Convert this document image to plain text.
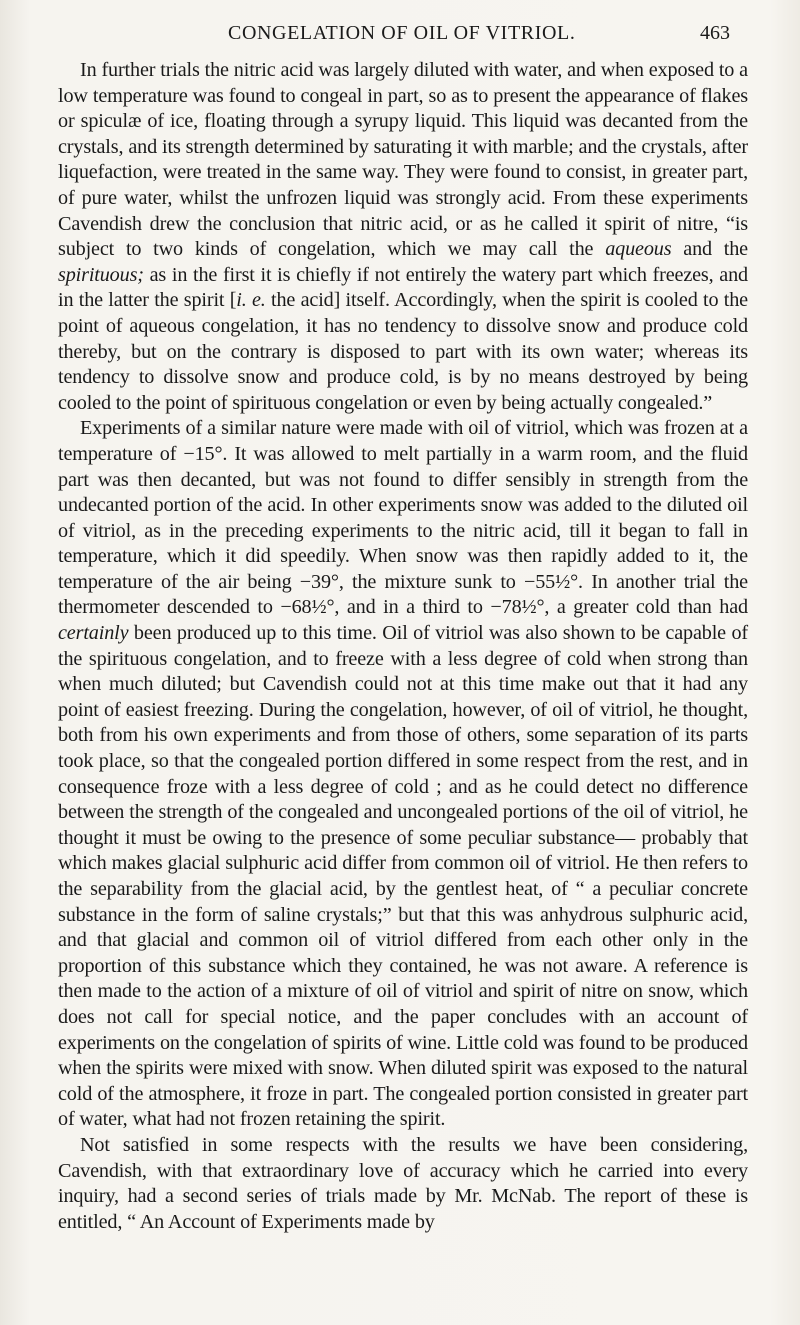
CONGELATION OF OIL OF VITRIOL.	463

In further trials the nitric acid was largely diluted with water, and when exposed to a low temperature was found to congeal in part, so as to present the appearance of flakes or spiculæ of ice, floating through a syrupy liquid. This liquid was decanted from the crystals, and its strength determined by saturating it with marble; and the crystals, after liquefaction, were treated in the same way. They were found to consist, in greater part, of pure water, whilst the unfrozen liquid was strongly acid. From these experiments Cavendish drew the conclusion that nitric acid, or as he called it spirit of nitre, “is subject to two kinds of congelation, which we may call the aqueous and the spirituous; as in the first it is chiefly if not entirely the watery part which freezes, and in the latter the spirit [i. e. the acid] itself. Accordingly, when the spirit is cooled to the point of aqueous congelation, it has no tendency to dissolve snow and produce cold thereby, but on the contrary is disposed to part with its own water; whereas its tendency to dissolve snow and produce cold, is by no means destroyed by being cooled to the point of spirituous congelation or even by being actually congealed.”

Experiments of a similar nature were made with oil of vitriol, which was frozen at a temperature of −15°. It was allowed to melt partially in a warm room, and the fluid part was then decanted, but was not found to differ sensibly in strength from the undecanted portion of the acid. In other experiments snow was added to the diluted oil of vitriol, as in the preceding experiments to the nitric acid, till it began to fall in temperature, which it did speedily. When snow was then rapidly added to it, the temperature of the air being −39°, the mixture sunk to −55½°. In another trial the thermometer descended to −68½°, and in a third to −78½°, a greater cold than had certainly been produced up to this time. Oil of vitriol was also shown to be capable of the spirituous congelation, and to freeze with a less degree of cold when strong than when much diluted; but Cavendish could not at this time make out that it had any point of easiest freezing. During the congelation, however, of oil of vitriol, he thought, both from his own experiments and from those of others, some separation of its parts took place, so that the congealed portion differed in some respect from the rest, and in consequence froze with a less degree of cold ; and as he could detect no difference between the strength of the congealed and uncongealed portions of the oil of vitriol, he thought it must be owing to the presence of some peculiar substance— probably that which makes glacial sulphuric acid differ from common oil of vitriol. He then refers to the separability from the glacial acid, by the gentlest heat, of “ a peculiar concrete substance in the form of saline crystals;” but that this was anhydrous sulphuric acid, and that glacial and common oil of vitriol differed from each other only in the proportion of this substance which they contained, he was not aware. A reference is then made to the action of a mixture of oil of vitriol and spirit of nitre on snow, which does not call for special notice, and the paper concludes with an account of experiments on the congelation of spirits of wine. Little cold was found to be produced when the spirits were mixed with snow. When diluted spirit was exposed to the natural cold of the atmosphere, it froze in part. The congealed portion consisted in greater part of water, what had not frozen retaining the spirit.

Not satisfied in some respects with the results we have been considering, Cavendish, with that extraordinary love of accuracy which he carried into every inquiry, had a second series of trials made by Mr. McNab. The report of these is entitled, “ An Account of Experiments made by
